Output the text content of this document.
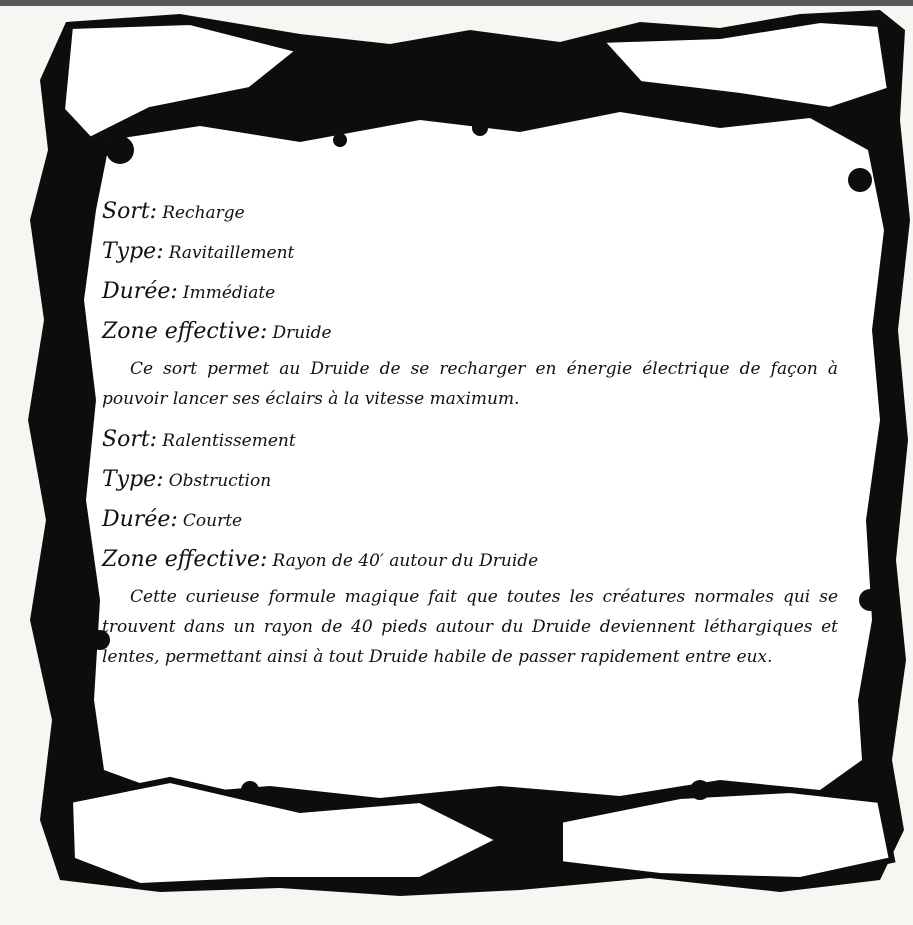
Sort: Recharge
Type: Ravitaillement
Durée: Immédiate
Zone effective: Druide

Ce sort permet au Druide de se recharger en énergie électrique de façon à pouvoir lancer ses éclairs à la vitesse maximum.

Sort: Ralentissement
Type: Obstruction
Durée: Courte
Zone effective: Rayon de 40′ autour du Druide

Cette curieuse formule magique fait que toutes les créatures normales qui se trouvent dans un rayon de 40 pieds autour du Druide deviennent léthargiques et lentes, permettant ainsi à tout Druide habile de passer rapidement entre eux.
